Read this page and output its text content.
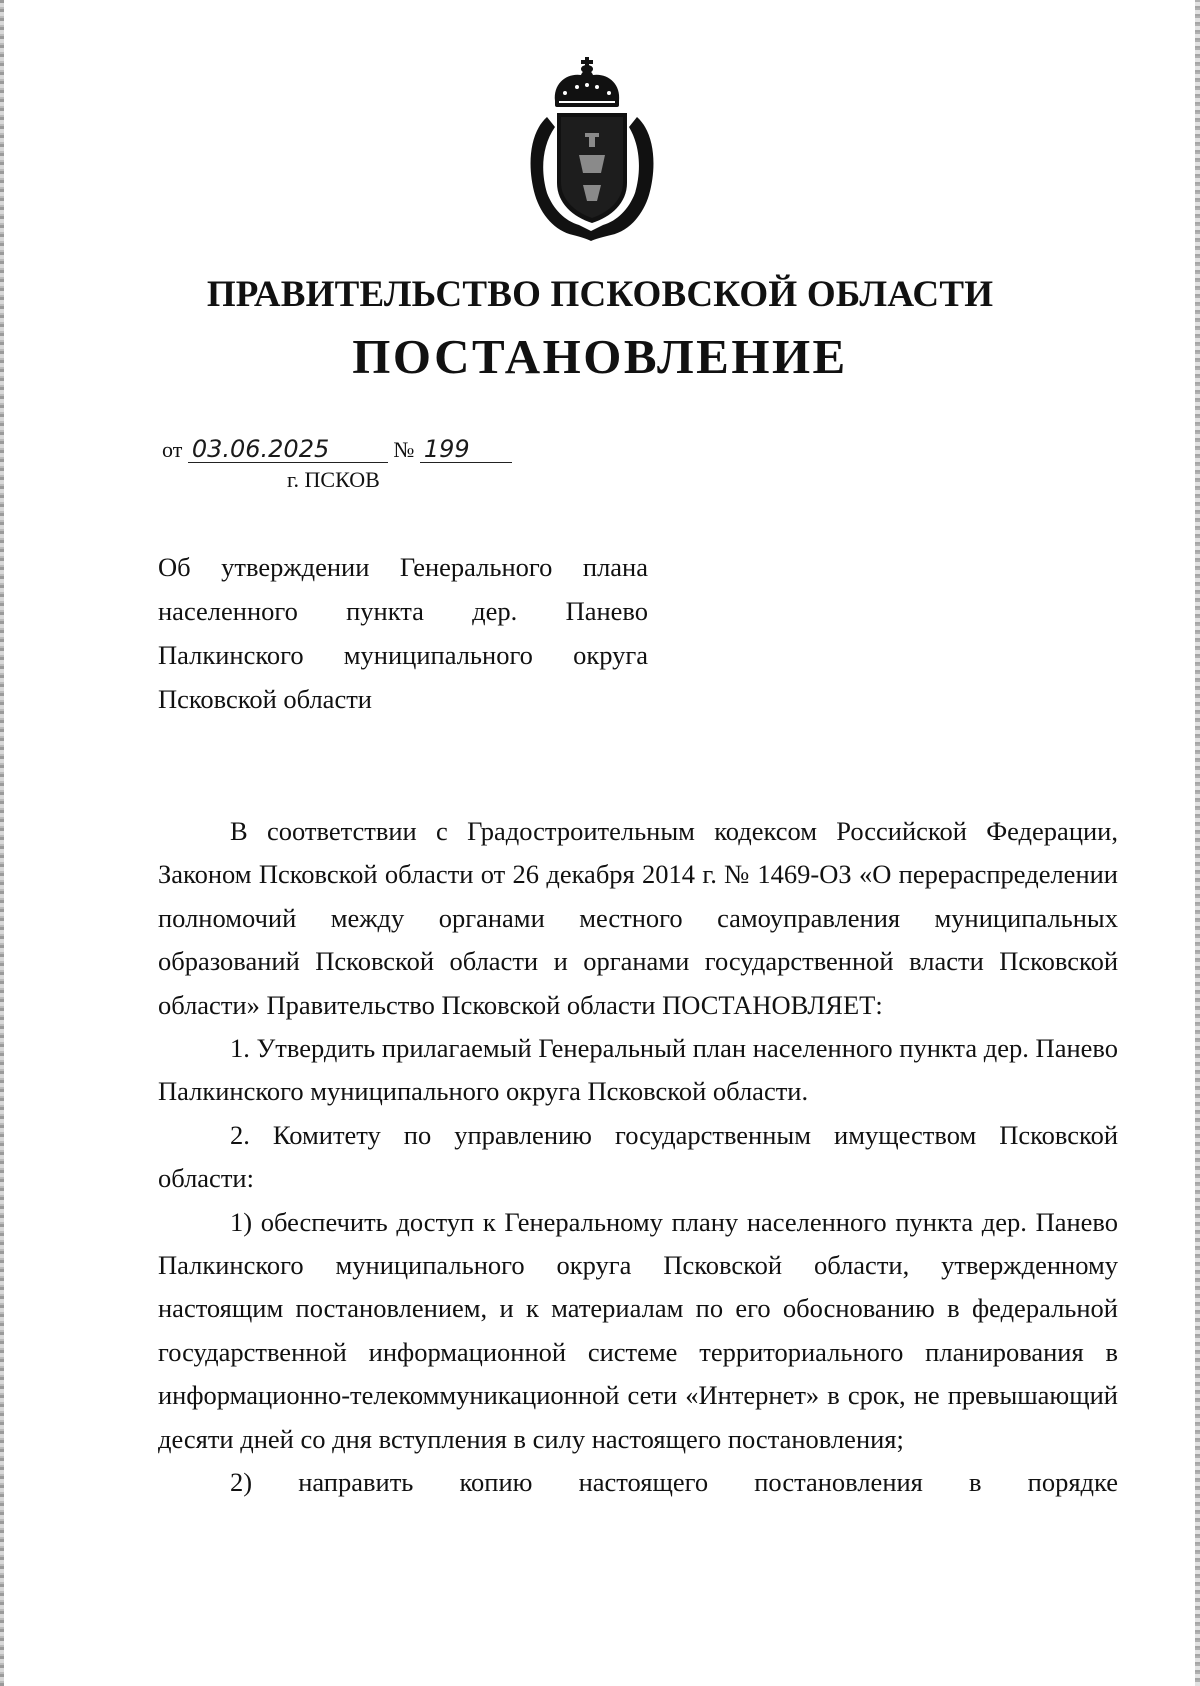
ПРАВИТЕЛЬСТВО ПСКОВСКОЙ ОБЛАСТИ
ПОСТАНОВЛЕНИЕ
от 03.06.2025	№ 199
г. ПСКОВ
Об утверждении Генерального плана
населенного пункта дер. Панево
Палкинского муниципального округа
Псковской области

В соответствии с Градостроительным кодексом Российской Федерации, Законом Псковской области от 26 декабря 2014 г. № 1469-ОЗ «О перераспределении полномочий между органами местного самоуправления муниципальных образований Псковской области и органами государственной власти Псковской области» Правительство Псковской области ПОСТАНОВЛЯЕТ:

1. Утвердить прилагаемый Генеральный план населенного пункта дер. Панево Палкинского муниципального округа Псковской области.

2. Комитету по управлению государственным имуществом Псковской области:

1) обеспечить доступ к Генеральному плану населенного пункта дер. Панево Палкинского муниципального округа Псковской области, утвержденному настоящим постановлением, и к материалам по его обоснованию в федеральной государственной информационной системе территориального планирования в информационно-телекоммуникационной сети «Интернет» в срок, не превышающий десяти дней со дня вступления в силу настоящего постановления;

2) направить копию настоящего постановления в порядке
